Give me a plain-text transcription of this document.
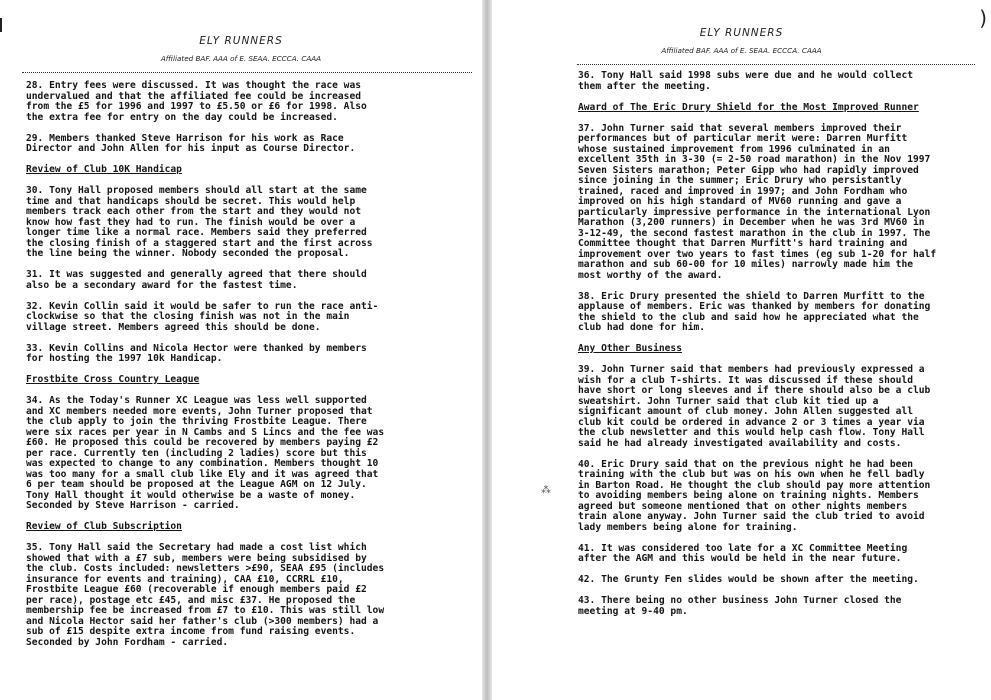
ELY RUNNERS
Affiliated BAF. AAA of E. SEAA. ECCCA. CAAA
28. Entry fees were discussed. It was thought the race was
undervalued and that the affiliated fee could be increased
from the £5 for 1996 and 1997 to £5.50 or £6 for 1998. Also
the extra fee for entry on the day could be increased.
29. Members thanked Steve Harrison for his work as Race
Director and John Allen for his input as Course Director.
Review of Club 10K Handicap
30. Tony Hall proposed members should all start at the same
time and that handicaps should be secret. This would help
members track each other from the start and they would not
know how fast they had to run. The finish would be over a
longer time like a normal race. Members said they preferred
the closing finish of a staggered start and the first across
the line being the winner. Nobody seconded the proposal.
31. It was suggested and generally agreed that there should
also be a secondary award for the fastest time.
32. Kevin Collin said it would be safer to run the race anti-
clockwise so that the closing finish was not in the main
village street. Members agreed this should be done.
33. Kevin Collins and Nicola Hector were thanked by members
for hosting the 1997 10k Handicap.
Frostbite Cross Country League
34. As the Today's Runner XC League was less well supported
and XC members needed more events, John Turner proposed that
the club apply to join the thriving Frostbite League. There
were six races per year in N Cambs and S Lincs and the fee was
£60. He proposed this could be recovered by members paying £2
per race. Currently ten (including 2 ladies) score but this
was expected to change to any combination. Members thought 10
was too many for a small club like Ely and it was agreed that
6 per team should be proposed at the League AGM on 12 July.
Tony Hall thought it would otherwise be a waste of money.
Seconded by Steve Harrison - carried.
Review of Club Subscription
35. Tony Hall said the Secretary had made a cost list which
showed that with a £7 sub, members were being subsidised by
the club. Costs included: newsletters >£90, SEAA £95 (includes
insurance for events and training), CAA £10, CCRRL £10,
Frostbite League £60 (recoverable if enough members paid £2
per race), postage etc £45, and misc £37. He proposed the
membership fee be increased from £7 to £10. This was still low
and Nicola Hector said her father's club (>300 members) had a
sub of £15 despite extra income from fund raising events.
Seconded by John Fordham - carried.
ELY RUNNERS
Affiliated BAF. AAA of E. SEAA. ECCCA. CAAA
36. Tony Hall said 1998 subs were due and he would collect
them after the meeting.
Award of The Eric Drury Shield for the Most Improved Runner
37. John Turner said that several members improved their
performances but of particular merit were: Darren Murfitt
whose sustained improvement from 1996 culminated in an
excellent 35th in 3-30 (= 2-50 road marathon) in the Nov 1997
Seven Sisters marathon; Peter Gipp who had rapidly improved
since joining in the summer; Eric Drury who persistantly
trained, raced and improved in 1997; and John Fordham who
improved on his high standard of MV60 running and gave a
particularly impressive performance in the international Lyon
Marathon (3,200 runners) in December when he was 3rd MV60 in
3-12-49, the second fastest marathon in the club in 1997. The
Committee thought that Darren Murfitt's hard training and
improvement over two years to fast times (eg sub 1-20 for half
marathon and sub 60-00 for 10 miles) narrowly made him the
most worthy of the award.
38. Eric Drury presented the shield to Darren Murfitt to the
applause of members. Eric was thanked by members for donating
the shield to the club and said how he appreciated what the
club had done for him.
Any Other Business
39. John Turner said that members had previously expressed a
wish for a club T-shirts. It was discussed if these should
have short or long sleeves and if there should also be a club
sweatshirt. John Turner said that club kit tied up a
significant amount of club money. John Allen suggested all
club kit could be ordered in advance 2 or 3 times a year via
the club newsletter and this would help cash flow. Tony Hall
said he had already investigated availability and costs.
40. Eric Drury said that on the previous night he had been
training with the club but was on his own when he fell badly
in Barton Road. He thought the club should pay more attention
to avoiding members being alone on training nights. Members
agreed but someone mentioned that on other nights members
train alone anyway. John Turner said the club tried to avoid
lady members being alone for training.
41. It was considered too late for a XC Committee Meeting
after the AGM and this would be held in the near future.
42. The Grunty Fen slides would be shown after the meeting.
43. There being no other business John Turner closed the
meeting at 9-40 pm.
)
⁂
